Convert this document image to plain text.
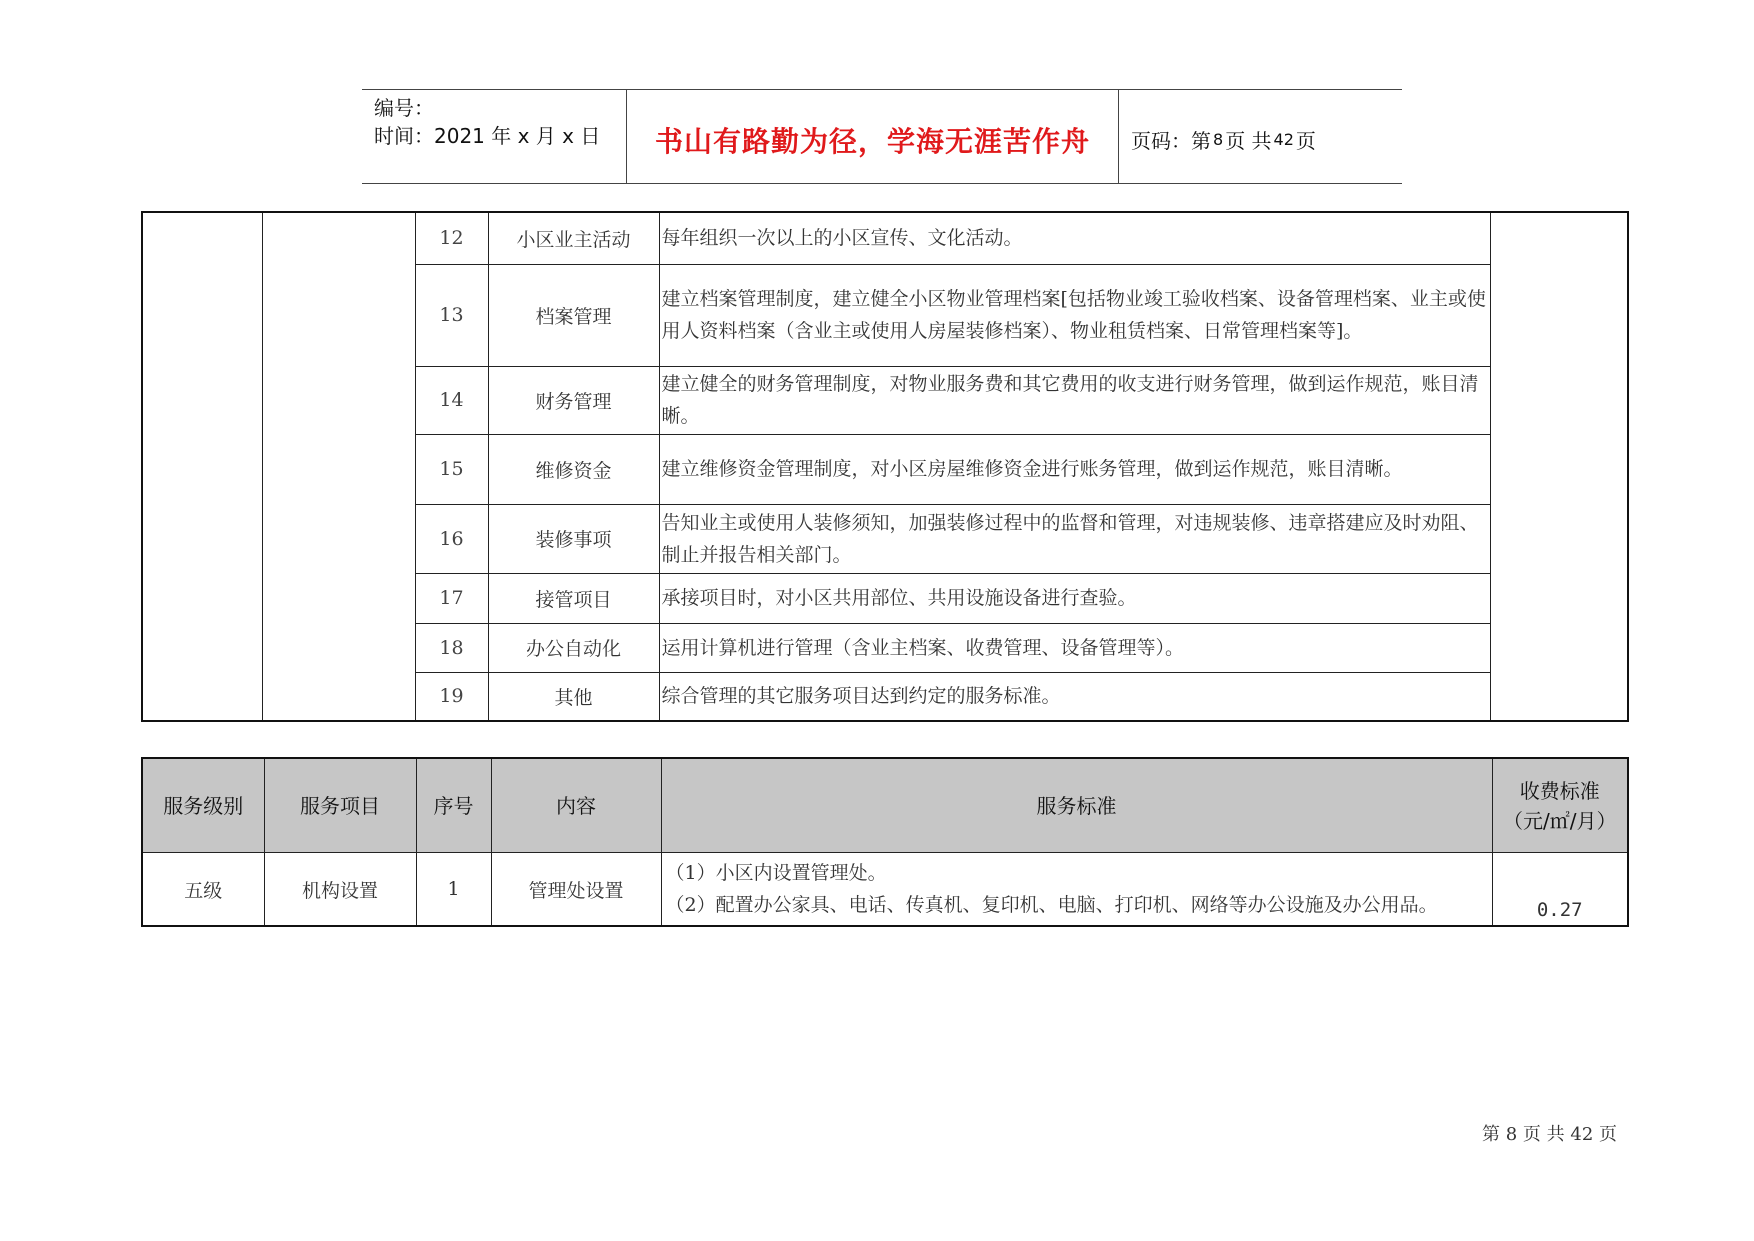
编号：
时间：2021 年 x 月 x 日	书山有路勤为径，学海无涯苦作舟	页码：第 8 页 共 42 页
		12	小区业主活动	每年组织一次以上的小区宣传、文化活动。	
		13	档案管理	建立档案管理制度，建立健全小区物业管理档案[包括物业竣工验收档案、设备管理档案、业主或使用人资料档案（含业主或使用人房屋装修档案）、物业租赁档案、日常管理档案等]。	
		14	财务管理	建立健全的财务管理制度，对物业服务费和其它费用的收支进行财务管理，做到运作规范，账目清晰。	
		15	维修资金	建立维修资金管理制度，对小区房屋维修资金进行账务管理，做到运作规范，账目清晰。	
		16	装修事项	告知业主或使用人装修须知，加强装修过程中的监督和管理，对违规装修、违章搭建应及时劝阻、制止并报告相关部门。	
		17	接管项目	承接项目时，对小区共用部位、共用设施设备进行查验。	
		18	办公自动化	运用计算机进行管理（含业主档案、收费管理、设备管理等）。	
		19	其他	综合管理的其它服务项目达到约定的服务标准。	
服务级别	服务项目	序号	内容	服务标准	收费标准
（元/㎡/月）

五级	机构设置	1	管理处设置	（1）小区内设置管理处。
（2）配置办公家具、电话、传真机、复印机、电脑、打印机、网络等办公设施及办公用品。	0.27
第 8 页 共 42 页
